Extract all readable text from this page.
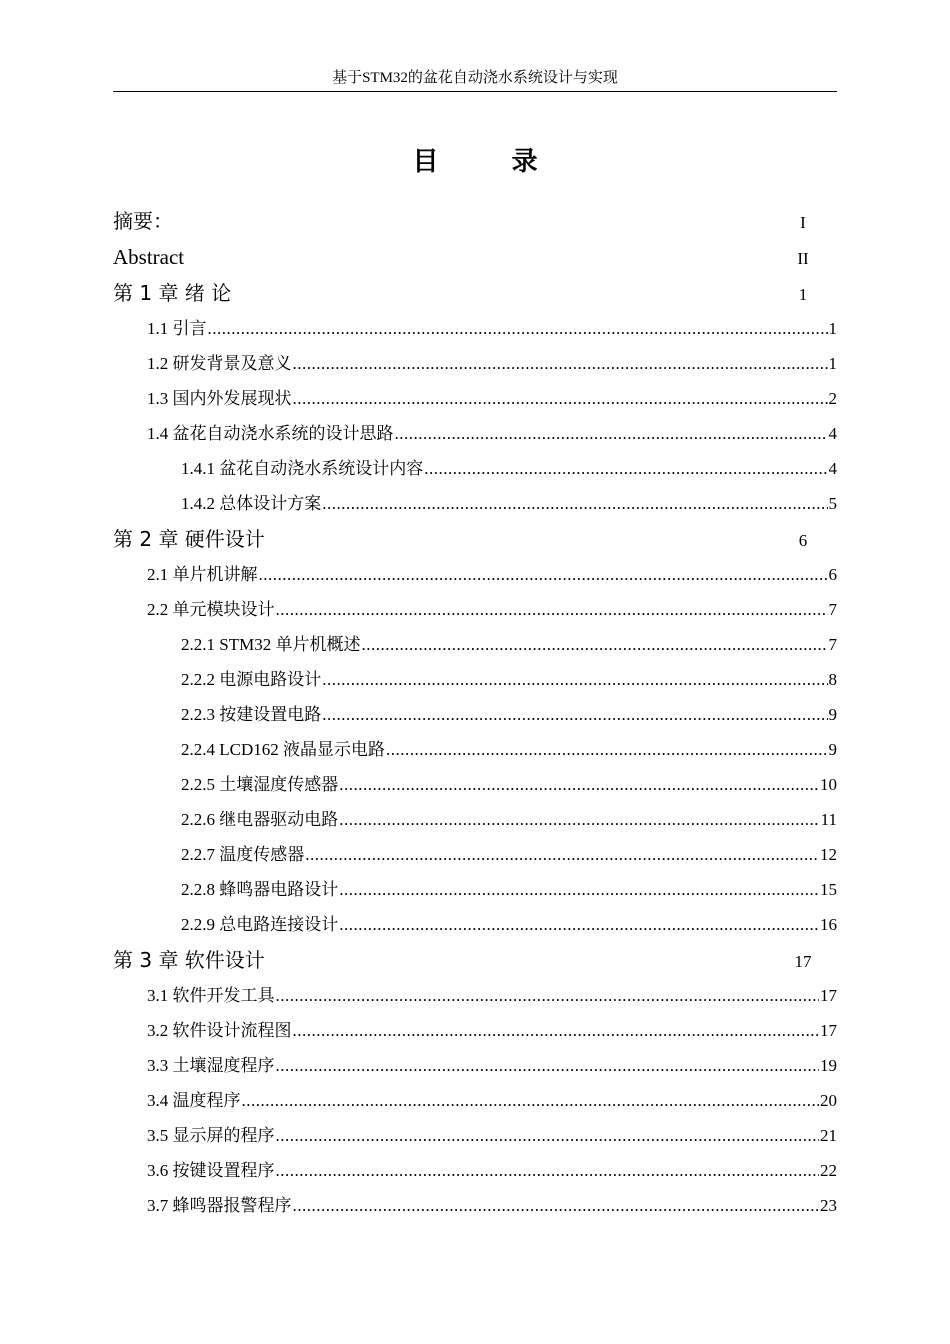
基于STM32的盆花自动浇水系统设计与实现
目 录
摘要：	I
Abstract	II
第 1 章 绪 论	1
1.1 引言 .....	1
1.2 研发背景及意义 .....	1
1.3 国内外发展现状 .....	2
1.4 盆花自动浇水系统的设计思路 .....	4
1.4.1 盆花自动浇水系统设计内容 .....	4
1.4.2 总体设计方案 .....	5
第 2 章 硬件设计	6
2.1 单片机讲解 .....	6
2.2 单元模块设计 .....	7
2.2.1 STM32 单片机概述 .....	7
2.2.2 电源电路设计 .....	8
2.2.3 按建设置电路 .....	9
2.2.4 LCD162 液晶显示电路 .....	9
2.2.5 土壤湿度传感器 .....	10
2.2.6 继电器驱动电路 .....	11
2.2.7 温度传感器 .....	12
2.2.8 蜂鸣器电路设计 .....	15
2.2.9 总电路连接设计 .....	16
第 3 章 软件设计	17
3.1 软件开发工具 .....	17
3.2 软件设计流程图 .....	17
3.3 土壤湿度程序 .....	19
3.4 温度程序 .....	20
3.5 显示屏的程序 .....	21
3.6 按键设置程序 .....	22
3.7 蜂鸣器报警程序 .....	23
